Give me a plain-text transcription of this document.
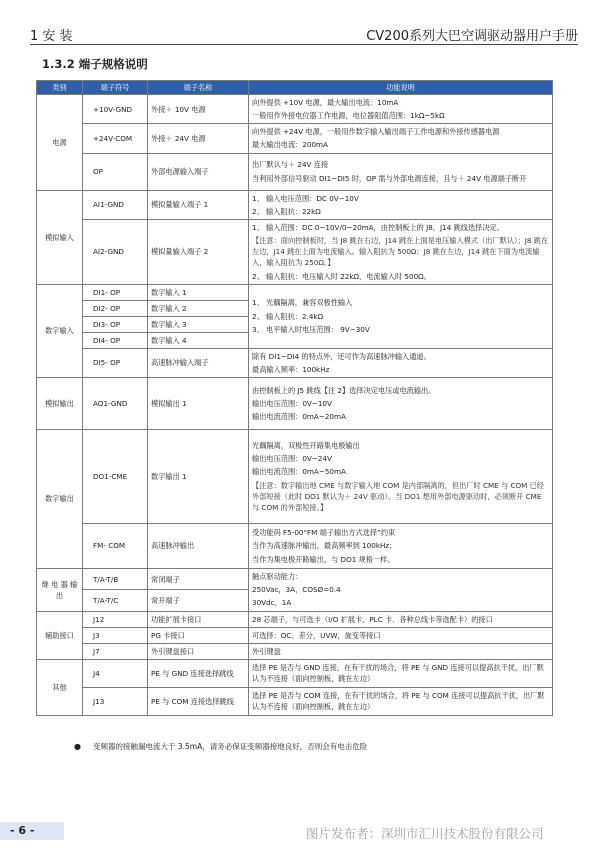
1 安 装	CV200系列大巴空调驱动器用户手册
1.3.2 端子规格说明
类别	端子符号	端子名称	功能说明
电源	+10V-GND	外接＋ 10V 电源	向外提供 +10V 电源，最大输出电流：10mA

一般用作外接电位器工作电源，电位器阻值范围：1kΩ~5kΩ

	+24V-COM	外接＋ 24V 电源	向外提供 +24V 电源，一般用作数字输入输出端子工作电源和外接传感器电源

最大输出电流：200mA

	OP	外部电源输入端子	出厂默认与＋ 24V 连接

当利用外部信号驱动 DI1~DI5 时，OP 需与外部电源连接，且与＋ 24V 电源端子断开

模拟输入	AI1-GND	模拟量输入端子 1	1、 输入电压范围：DC 0V~10V

2、 输入阻抗：22kΩ

	AI2-GND	模拟量输入端子 2	1、 输入范围：DC 0~10V/0~20mA，由控制板上的 J8、J14 跳线选择决定。

【注意：面向控制板时，当 J8 跳在右边，J14 跳在上面是电压输入模式（出厂默认）；J8 跳在左边，J14 跳在上面为电流输入。输入阻抗为 500Ω；J8 跳在左边，J14 跳在下面为电流输入，输入阻抗为 250Ω。】

2、 输入阻抗：电压输入时 22kΩ，电流输入时 500Ω。

数字输入	DI1- OP	数字输入 1	1、 光藕隔离，兼容双极性输入

2、 输入阻抗：2.4kΩ

3、 电平输入时电压范围： 9V~30V

	DI2- OP	数字输入 2	
	DI3- OP	数字输入 3	
	DI4- OP	数字输入 4	
	DI5- OP	高速脉冲输入端子	除有 DI1~DI4 的特点外，还可作为高速脉冲输入通道。

最高输入频率：100kHz

模拟输出	AO1-GND	模拟输出 1	由控制板上的 J5 跳线【注 2】选择决定电压或电流输出。

输出电压范围：0V~10V

输出电流范围：0mA~20mA

数字输出	DO1-CME	数字输出 1	光藕隔离，双极性开路集电极输出

输出电压范围：0V~24V

输出电流范围：0mA~50mA

【注意：数字输出地 CME 与数字输入地 COM 是内部隔离的，但出厂时 CME 与 COM 已经外部短接（此时 DO1 默认为＋ 24V 驱动）。当 DO1 想用外部电源驱动时，必须断开 CME 与 COM 的外部短接。】

	FM- COM	高速脉冲输出	受功能码 F5-00“FM 端子输出方式选择”约束

当作为高速脉冲输出，最高频率到 100kHz；

当作为集电极开路输出，与 DO1 规格一样。

继 电 器 输 出	T/A-T/B	常闭端子	触点驱动能力：

250Vac，3A，COSØ=0.4

30Vdc，1A

	T/A-T/C	常开端子	
辅助接口	J12	功能扩展卡接口	28 芯端子，与可选卡（I/O 扩展卡、PLC 卡、各种总线卡等选配卡）的接口

	J3	PG 卡接口	可选择：OC、差分，UVW，旋变等接口

	J7	外引键盘接口	外引键盘

其他	J4	PE 与 GND 连接选择跳线	选择 PE 是否与 GND 连接，在有干扰的场合，将 PE 与 GND 连接可以提高抗干扰，出厂默认为不连接（面向控制板，跳在左边）

	J13	PE 与 COM 连接选择跳线	选择 PE 是否与 COM 连接，在有干扰的场合，将 PE 与 COM 连接可以提高抗干扰，出厂默认为不连接（面向控制板，跳在左边）

● 变频器的接触漏电流大于 3.5mA，请务必保证变频器接地良好，否则会有电击危险
- 6 -	图片发布者：深圳市汇川技术股份有限公司
